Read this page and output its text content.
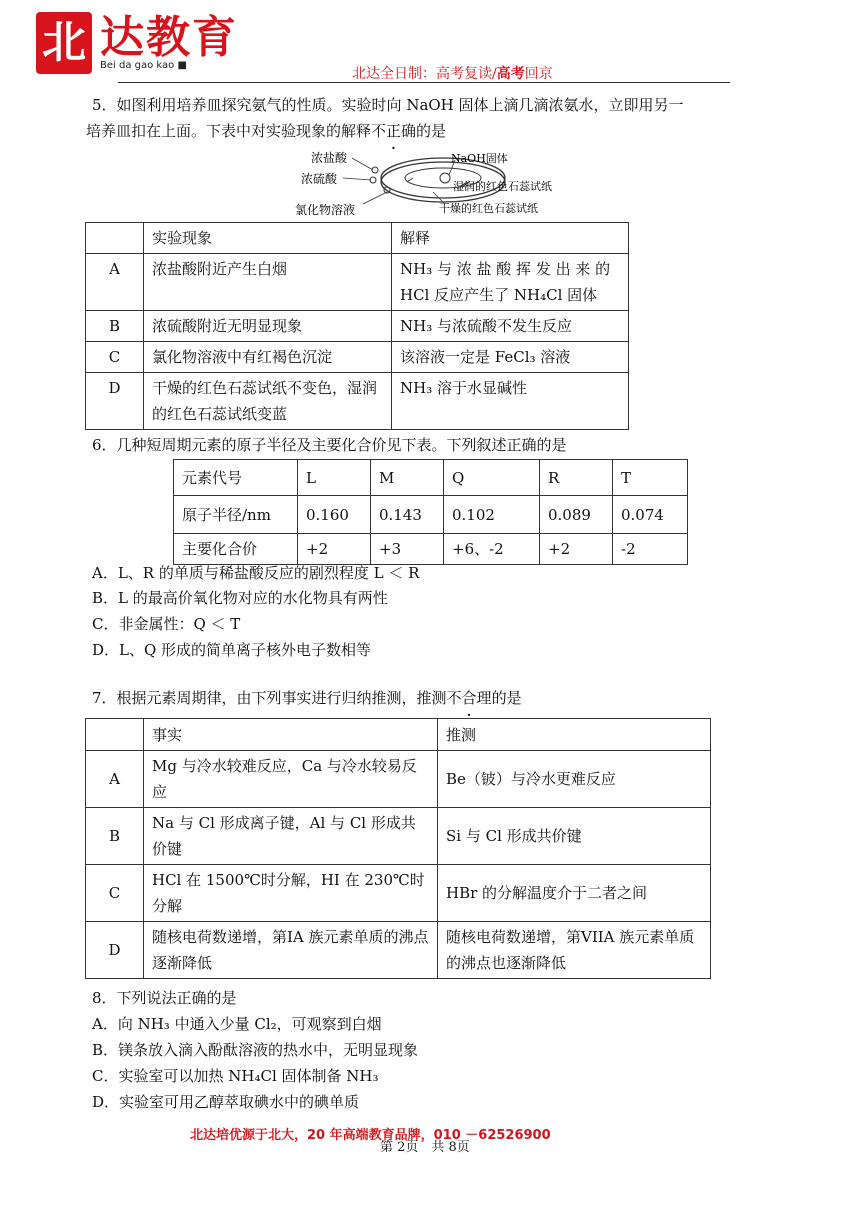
北 达教育
Bei da gao kao ■
北达全日制：高考复读/高考回京
5．如图利用培养皿探究氨气的性质。实验时向 NaOH 固体上滴几滴浓氨水，立即用另一
培养皿扣在上面。下表中对实验现象的解释不正确的是
浓盐酸
浓硫酸
氯化物溶液
NaOH固体
湿润的红色石蕊试纸
干燥的红色石蕊试纸
	实验现象	解释
A	浓盐酸附近产生白烟	NH₃ 与 浓 盐 酸 挥 发 出 来 的 HCl 反应产生了 NH₄Cl 固体
B	浓硫酸附近无明显现象	NH₃ 与浓硫酸不发生反应
C	氯化物溶液中有红褐色沉淀	该溶液一定是 FeCl₃ 溶液
D	干燥的红色石蕊试纸不变色，湿润的红色石蕊试纸变蓝	NH₃ 溶于水显碱性
6．几种短周期元素的原子半径及主要化合价见下表。下列叙述正确的是
元素代号	L	M	Q	R	T
原子半径/nm	0.160	0.143	0.102	0.089	0.074
主要化合价	+2	+3	+6、-2	+2	-2
A．L、R 的单质与稀盐酸反应的剧烈程度 L ＜ R
B．L 的最高价氧化物对应的水化物具有两性
C．非金属性：Q ＜ T
D．L、Q 形成的简单离子核外电子数相等
7．根据元素周期律，由下列事实进行归纳推测，推测不合理的是
	事实	推测
A	Mg 与冷水较难反应，Ca 与冷水较易反应	Be（铍）与冷水更难反应
B	Na 与 Cl 形成离子键，Al 与 Cl 形成共价键	Si 与 Cl 形成共价键
C	HCl 在 1500℃时分解，HI 在 230℃时分解	HBr 的分解温度介于二者之间
D	随核电荷数递增，第IA 族元素单质的沸点逐渐降低	随核电荷数递增，第VIIA 族元素单质的沸点也逐渐降低
8．下列说法正确的是
A．向 NH₃ 中通入少量 Cl₂，可观察到白烟
B．镁条放入滴入酚酞溶液的热水中，无明显现象
C．实验室可以加热 NH₄Cl 固体制备 NH₃
D．实验室可用乙醇萃取碘水中的碘单质
北达培优源于北大，20 年高端教育品牌，010 －62526900
第 2页　共 8页
